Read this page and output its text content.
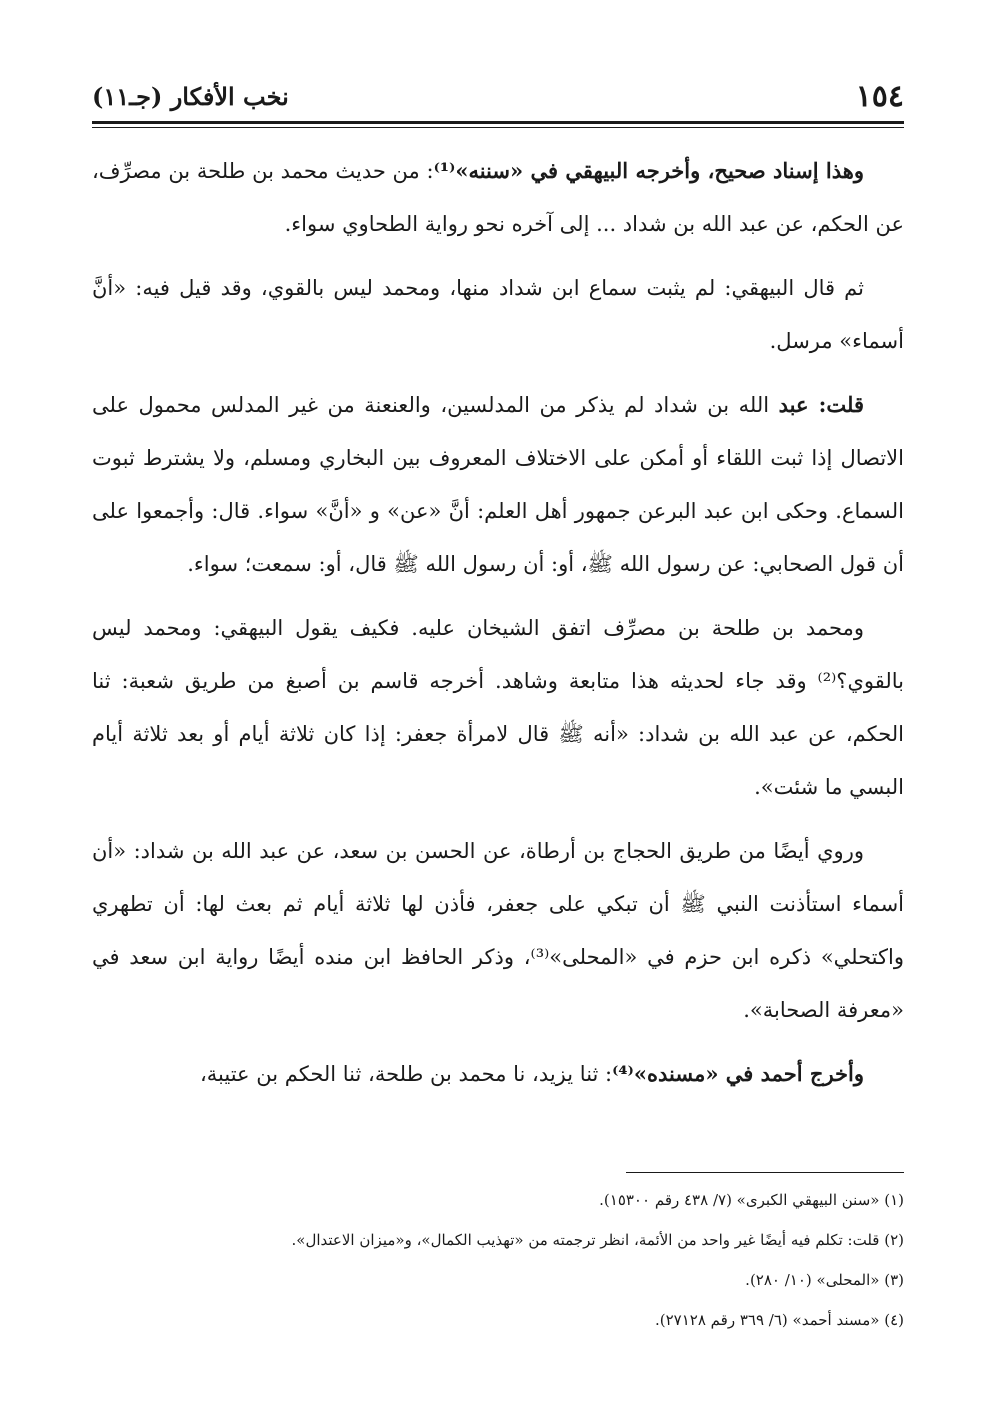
١٥٤
نخب الأفكار (جـ١١)

وهذا إسناد صحيح، وأخرجه البيهقي في «سننه»⁽¹⁾: من حديث محمد بن طلحة بن مصرِّف، عن الحكم، عن عبد الله بن شداد ... إلى آخره نحو رواية الطحاوي سواء.

ثم قال البيهقي: لم يثبت سماع ابن شداد منها، ومحمد ليس بالقوي، وقد قيل فيه: «أنَّ أسماء» مرسل.

قلت: عبد الله بن شداد لم يذكر من المدلسين، والعنعنة من غير المدلس محمول على الاتصال إذا ثبت اللقاء أو أمكن على الاختلاف المعروف بين البخاري ومسلم، ولا يشترط ثبوت السماع. وحكى ابن عبد البرعن جمهور أهل العلم: أنَّ «عن» و «أنَّ» سواء. قال: وأجمعوا على أن قول الصحابي: عن رسول الله ﷺ، أو: أن رسول الله ﷺ قال، أو: سمعت؛ سواء.

ومحمد بن طلحة بن مصرِّف اتفق الشيخان عليه. فكيف يقول البيهقي: ومحمد ليس بالقوي؟⁽²⁾ وقد جاء لحديثه هذا متابعة وشاهد. أخرجه قاسم بن أصبغ من طريق شعبة: ثنا الحكم، عن عبد الله بن شداد: «أنه ﷺ قال لامرأة جعفر: إذا كان ثلاثة أيام أو بعد ثلاثة أيام البسي ما شئت».

وروي أيضًا من طريق الحجاج بن أرطاة، عن الحسن بن سعد، عن عبد الله بن شداد: «أن أسماء استأذنت النبي ﷺ أن تبكي على جعفر، فأذن لها ثلاثة أيام ثم بعث لها: أن تطهري واكتحلي» ذكره ابن حزم في «المحلى»⁽³⁾، وذكر الحافظ ابن منده أيضًا رواية ابن سعد في «معرفة الصحابة».

وأخرج أحمد في «مسنده»⁽⁴⁾: ثنا يزيد، نا محمد بن طلحة، ثنا الحكم بن عتيبة،

(١) «سنن البيهقي الكبرى» (٧/ ٤٣٨ رقم ١٥٣٠٠).

(٢) قلت: تكلم فيه أيضًا غير واحد من الأئمة، انظر ترجمته من «تهذيب الكمال»، و«ميزان الاعتدال».

(٣) «المحلى» (١٠/ ٢٨٠).

(٤) «مسند أحمد» (٦/ ٣٦٩ رقم ٢٧١٢٨).
